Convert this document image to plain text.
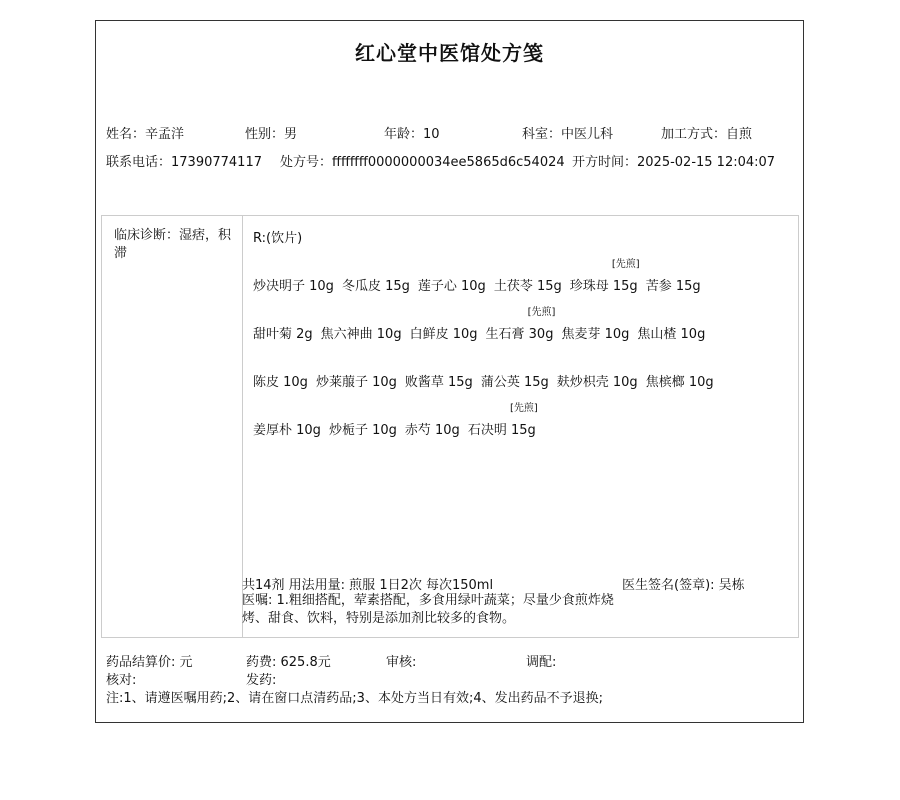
红心堂中医馆处方笺
姓名：辛孟洋	性别：男	年龄：10	科室：中医儿科	加工方式：自煎
联系电话：17390774117 处方号：ffffffff0000000034ee5865d6c54024 开方时间：2025-02-15 12:04:07
临床诊断：湿痞，积滞
R:(饮片)
炒决明子 10g 冬瓜皮 15g 莲子心 10g 土茯苓 15g 珍珠母 15g
[先煎]
苦参 15g
甜叶菊 2g 焦六神曲 10g 白鲜皮 10g 生石膏 30g
[先煎]
焦麦芽 10g 焦山楂 10g
陈皮 10g 炒莱菔子 10g 败酱草 15g 蒲公英 15g 麸炒枳壳 10g 焦槟榔 10g
姜厚朴 10g 炒栀子 10g 赤芍 10g 石决明 15g
[先煎]
共14剂 用法用量: 煎服 1日2次 每次150ml	医生签名(签章): 吴栋
医嘱: 1.粗细搭配，荤素搭配，多食用绿叶蔬菜；尽量少食煎炸烧烤、甜食、饮料，特别是添加剂比较多的食物。
药品结算价: 元	药费: 625.8元	审核:	调配:
核对:	发药:
注:1、请遵医嘱用药;2、请在窗口点清药品;3、本处方当日有效;4、发出药品不予退换;
